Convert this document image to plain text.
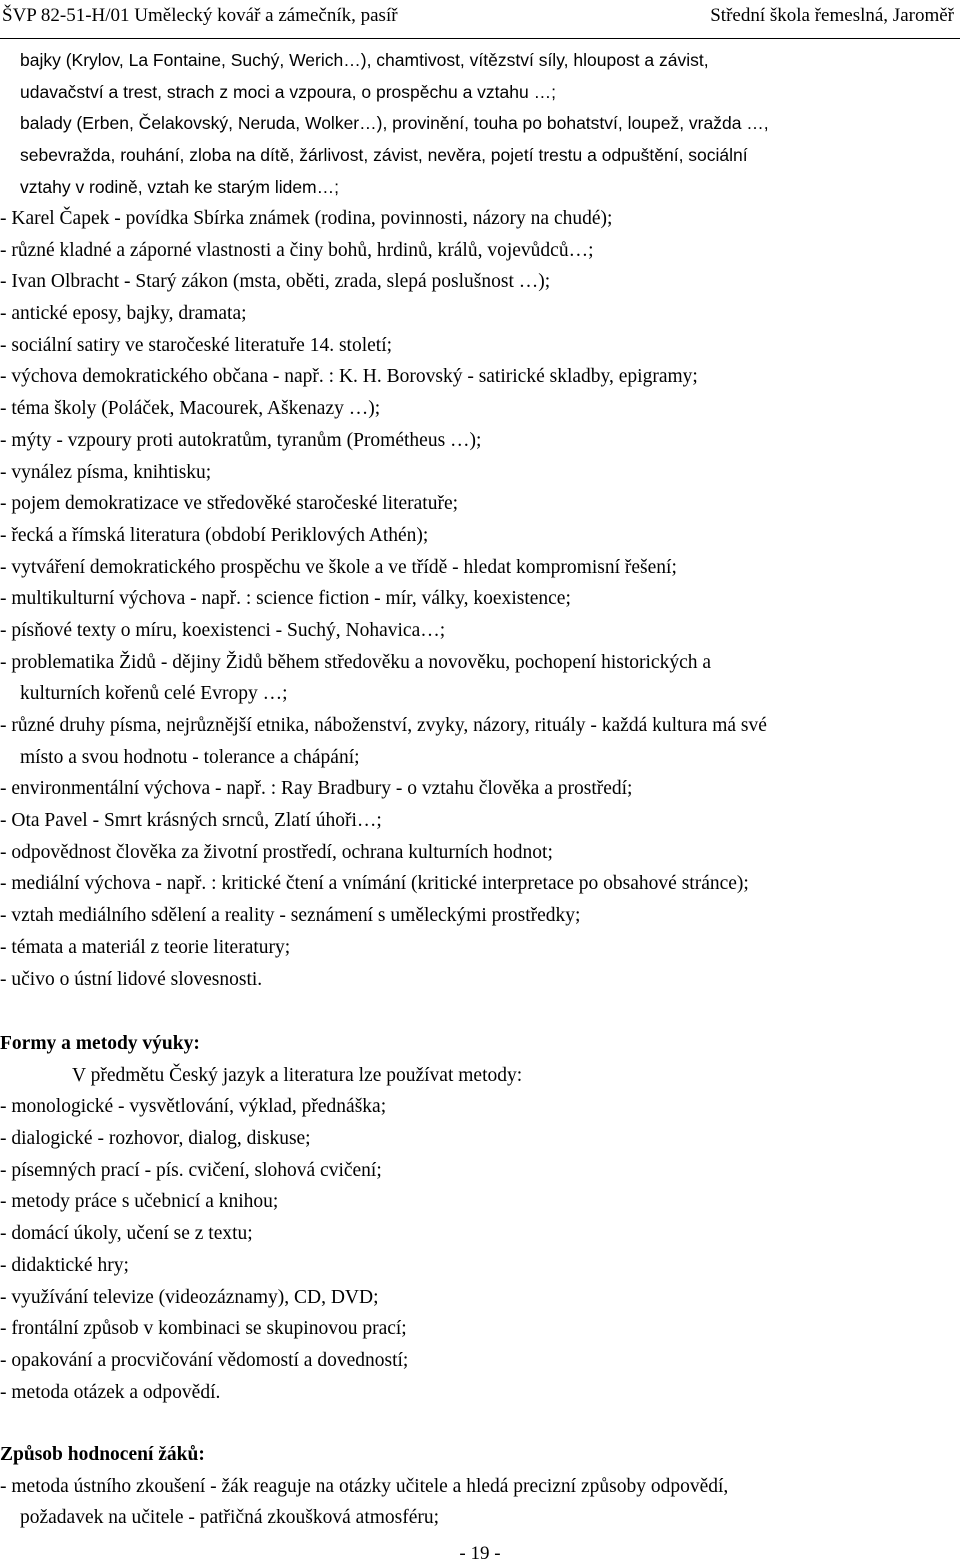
ŠVP 82-51-H/01 Umělecký kovář a zámečník, pasíř	Střední škola řemeslná, Jaroměř
bajky (Krylov, La Fontaine, Suchý, Werich…), chamtivost, vítězství síly, hloupost a závist,
udavačství a trest, strach z moci a vzpoura, o prospěchu a vztahu …;
balady (Erben, Čelakovský, Neruda, Wolker…), provinění, touha po bohatství, loupež, vražda …,
sebevražda, rouhání, zloba na dítě, žárlivost, závist, nevěra, pojetí trestu a odpuštění, sociální
vztahy v rodině, vztah ke starým lidem…;
- Karel Čapek - povídka Sbírka známek (rodina, povinnosti, názory na chudé);
- různé kladné a záporné vlastnosti a činy bohů, hrdinů, králů, vojevůdců…;
- Ivan Olbracht - Starý zákon (msta, oběti, zrada, slepá poslušnost …);
- antické eposy, bajky, dramata;
- sociální satiry ve staročeské literatuře 14. století;
- výchova demokratického občana - např. : K. H. Borovský - satirické skladby, epigramy;
- téma školy (Poláček, Macourek, Aškenazy …);
- mýty - vzpoury proti autokratům, tyranům (Prométheus …);
- vynález písma, knihtisku;
- pojem demokratizace ve středověké staročeské literatuře;
- řecká a římská literatura (období Periklových Athén);
- vytváření demokratického prospěchu ve škole a ve třídě - hledat kompromisní řešení;
- multikulturní výchova - např. : science fiction - mír, války, koexistence;
- písňové texty o míru, koexistenci - Suchý, Nohavica…;
- problematika Židů - dějiny Židů během středověku a novověku, pochopení historických a
kulturních kořenů celé Evropy …;
- různé druhy písma, nejrůznější etnika, náboženství, zvyky, názory, rituály - každá kultura má své
místo a svou hodnotu - tolerance a chápání;
- environmentální výchova - např. : Ray Bradbury - o vztahu člověka a prostředí;
- Ota Pavel - Smrt krásných srnců, Zlatí úhoři…;
- odpovědnost člověka za životní prostředí, ochrana kulturních hodnot;
- mediální výchova - např. : kritické čtení a vnímání (kritické interpretace po obsahové stránce);
- vztah mediálního sdělení a reality - seznámení s uměleckými prostředky;
- témata a materiál z teorie literatury;
- učivo o ústní lidové slovesnosti.
Formy a metody výuky:
V předmětu Český jazyk a literatura lze používat metody:
- monologické - vysvětlování, výklad, přednáška;
- dialogické - rozhovor, dialog, diskuse;
- písemných prací - pís. cvičení, slohová cvičení;
- metody práce s učebnicí a knihou;
- domácí úkoly, učení se z textu;
- didaktické hry;
- využívání televize (videozáznamy), CD, DVD;
- frontální způsob v kombinaci se skupinovou prací;
- opakování a procvičování vědomostí a dovedností;
- metoda otázek a odpovědí.
Způsob hodnocení žáků:
- metoda ústního zkoušení - žák reaguje na otázky učitele a hledá precizní způsoby odpovědí,
požadavek na učitele - patřičná zkoušková atmosféru;
- 19 -
